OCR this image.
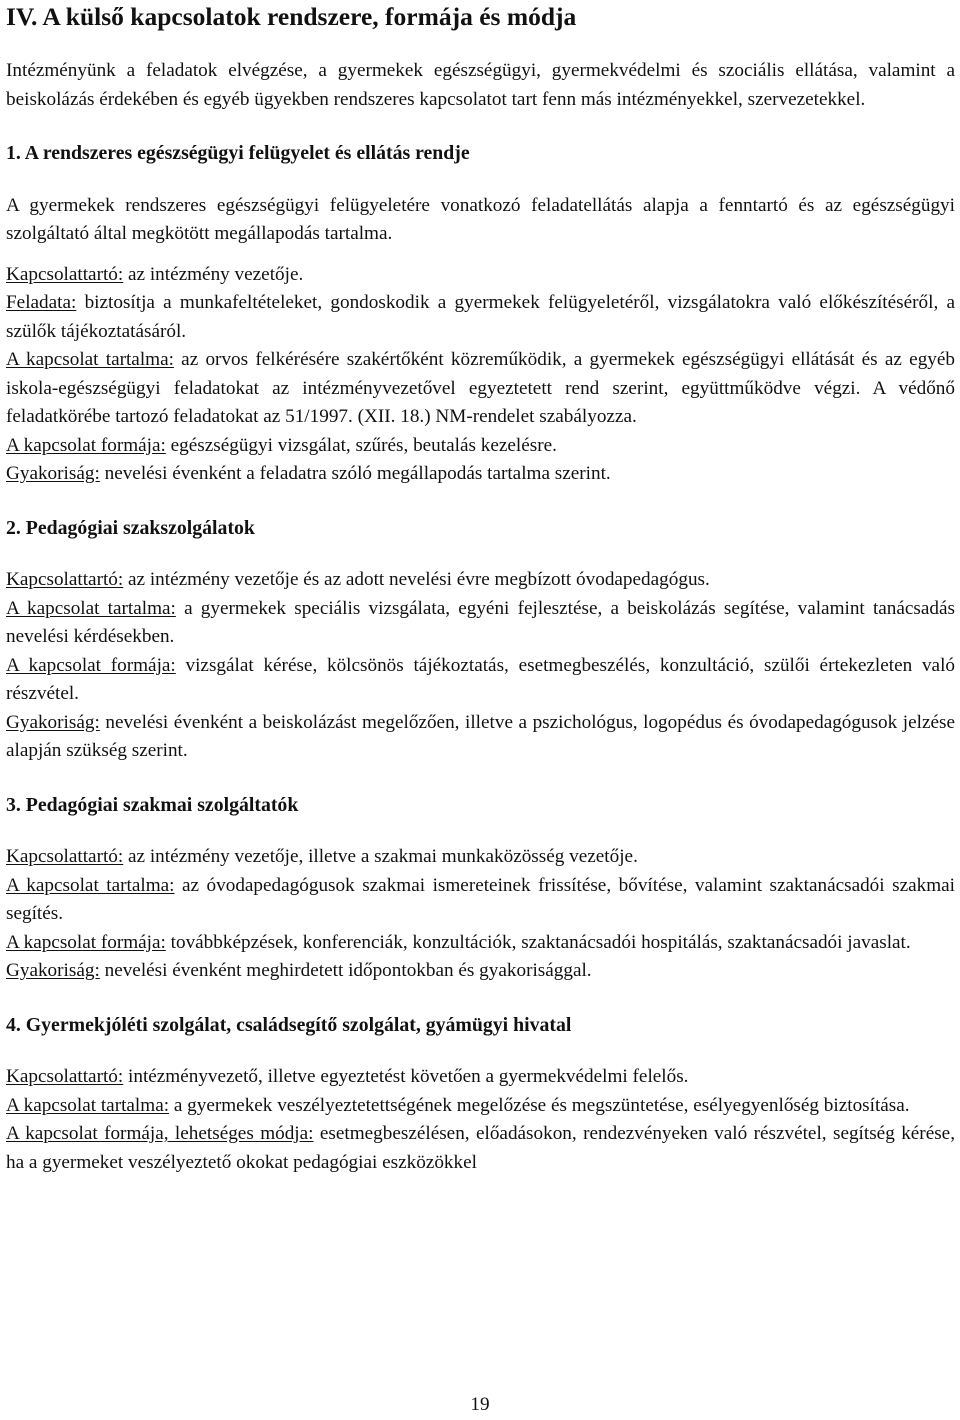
IV. A külső kapcsolatok rendszere, formája és módja

Intézményünk a feladatok elvégzése, a gyermekek egészségügyi, gyermekvédelmi és szociális ellátása, valamint a beiskolázás érdekében és egyéb ügyekben rendszeres kapcsolatot tart fenn más intézményekkel, szervezetekkel.

1. A rendszeres egészségügyi felügyelet és ellátás rendje

A gyermekek rendszeres egészségügyi felügyeletére vonatkozó feladatellátás alapja a fenntartó és az egészségügyi szolgáltató által megkötött megállapodás tartalma.

Kapcsolattartó: az intézmény vezetője.

Feladata: biztosítja a munkafeltételeket, gondoskodik a gyermekek felügyeletéről, vizsgálatokra való előkészítéséről, a szülők tájékoztatásáról.

A kapcsolat tartalma: az orvos felkérésére szakértőként közreműködik, a gyermekek egészségügyi ellátását és az egyéb iskola-egészségügyi feladatokat az intézményvezetővel egyeztetett rend szerint, együttműködve végzi. A védőnő feladatkörébe tartozó feladatokat az 51/1997. (XII. 18.) NM-rendelet szabályozza.

A kapcsolat formája: egészségügyi vizsgálat, szűrés, beutalás kezelésre.

Gyakoriság: nevelési évenként a feladatra szóló megállapodás tartalma szerint.

2. Pedagógiai szakszolgálatok

Kapcsolattartó: az intézmény vezetője és az adott nevelési évre megbízott óvodapedagógus.

A kapcsolat tartalma: a gyermekek speciális vizsgálata, egyéni fejlesztése, a beiskolázás segítése, valamint tanácsadás nevelési kérdésekben.

A kapcsolat formája: vizsgálat kérése, kölcsönös tájékoztatás, esetmegbeszélés, konzultáció, szülői értekezleten való részvétel.

Gyakoriság: nevelési évenként a beiskolázást megelőzően, illetve a pszichológus, logopédus és óvodapedagógusok jelzése alapján szükség szerint.

3. Pedagógiai szakmai szolgáltatók

Kapcsolattartó: az intézmény vezetője, illetve a szakmai munkaközösség vezetője.

A kapcsolat tartalma: az óvodapedagógusok szakmai ismereteinek frissítése, bővítése, valamint szaktanácsadói szakmai segítés.

A kapcsolat formája: továbbképzések, konferenciák, konzultációk, szaktanácsadói hospitálás, szaktanácsadói javaslat.

Gyakoriság: nevelési évenként meghirdetett időpontokban és gyakorisággal.

4. Gyermekjóléti szolgálat, családsegítő szolgálat, gyámügyi hivatal

Kapcsolattartó: intézményvezető, illetve egyeztetést követően a gyermekvédelmi felelős.

A kapcsolat tartalma: a gyermekek veszélyeztetettségének megelőzése és megszüntetése, esélyegyenlőség biztosítása.

A kapcsolat formája, lehetséges módja: esetmegbeszélésen, előadásokon, rendezvényeken való részvétel, segítség kérése, ha a gyermeket veszélyeztető okokat pedagógiai eszközökkel

19
